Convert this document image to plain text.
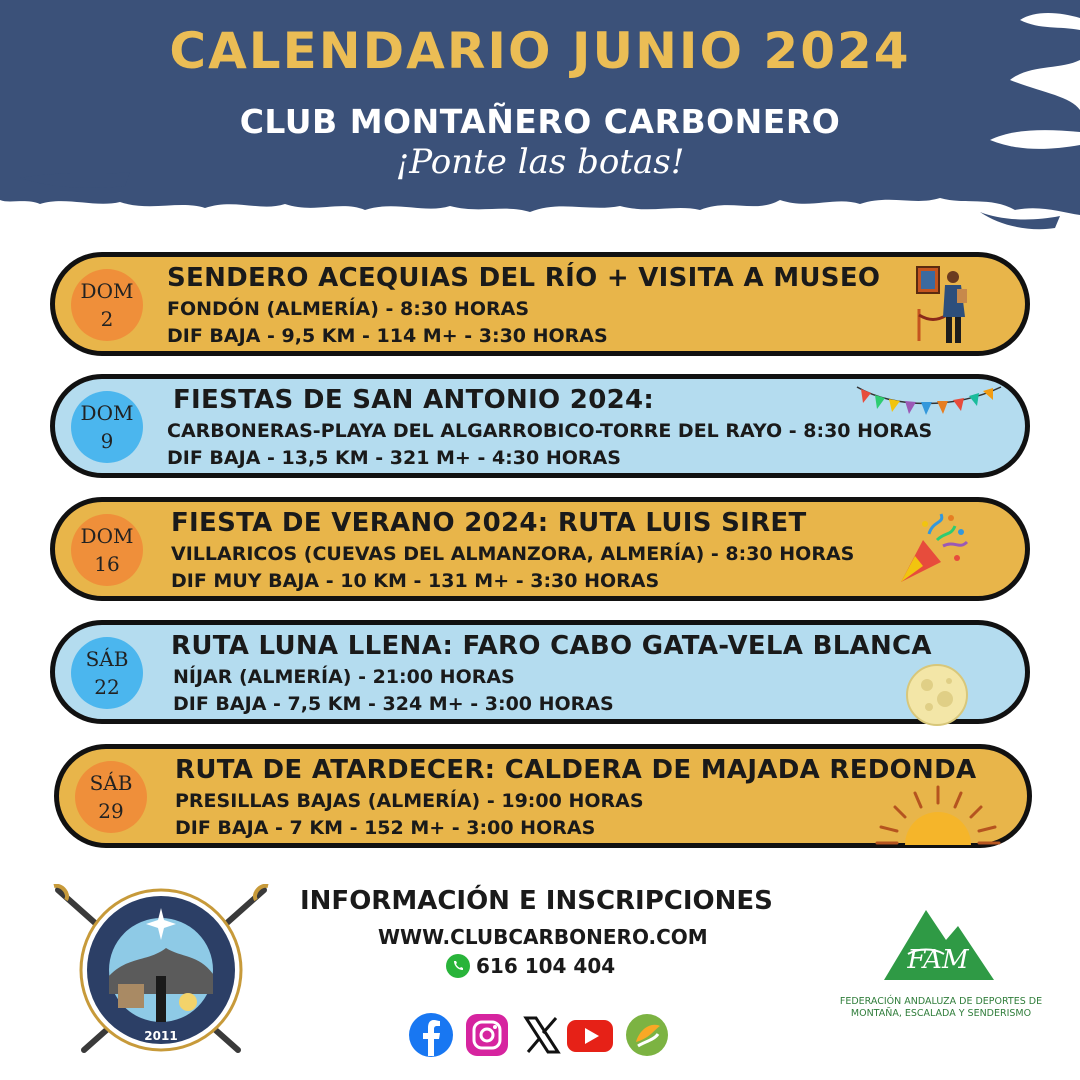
CALENDARIO JUNIO 2024
CLUB MONTAÑERO CARBONERO
¡Ponte las botas!
DOM
2
SENDERO ACEQUIAS DEL RÍO + VISITA A MUSEO
FONDÓN (ALMERÍA) - 8:30 HORAS
DIF BAJA - 9,5 KM - 114 M+ - 3:30 HORAS
DOM
9
FIESTAS DE SAN ANTONIO 2024:
CARBONERAS-PLAYA DEL ALGARROBICO-TORRE DEL RAYO - 8:30 HORAS
DIF BAJA - 13,5 KM - 321 M+ - 4:30 HORAS
DOM
16
FIESTA DE VERANO 2024: RUTA LUIS SIRET
VILLARICOS (CUEVAS DEL ALMANZORA, ALMERÍA) - 8:30 HORAS
DIF MUY BAJA - 10 KM - 131 M+ - 3:30 HORAS
SÁB
22
RUTA LUNA LLENA: FARO CABO GATA-VELA BLANCA
NÍJAR (ALMERÍA) - 21:00 HORAS
DIF BAJA - 7,5 KM - 324 M+ - 3:00 HORAS
SÁB
29
RUTA DE ATARDECER: CALDERA DE MAJADA REDONDA
PRESILLAS BAJAS (ALMERÍA) - 19:00 HORAS
DIF BAJA - 7 KM - 152 M+ - 3:00 HORAS
2011
INFORMACIÓN E INSCRIPCIONES
WWW.CLUBCARBONERO.COM
616 104 404	FAM
FEDERACIÓN ANDALUZA DE DEPORTES DE MONTAÑA, ESCALADA Y SENDERISMO
